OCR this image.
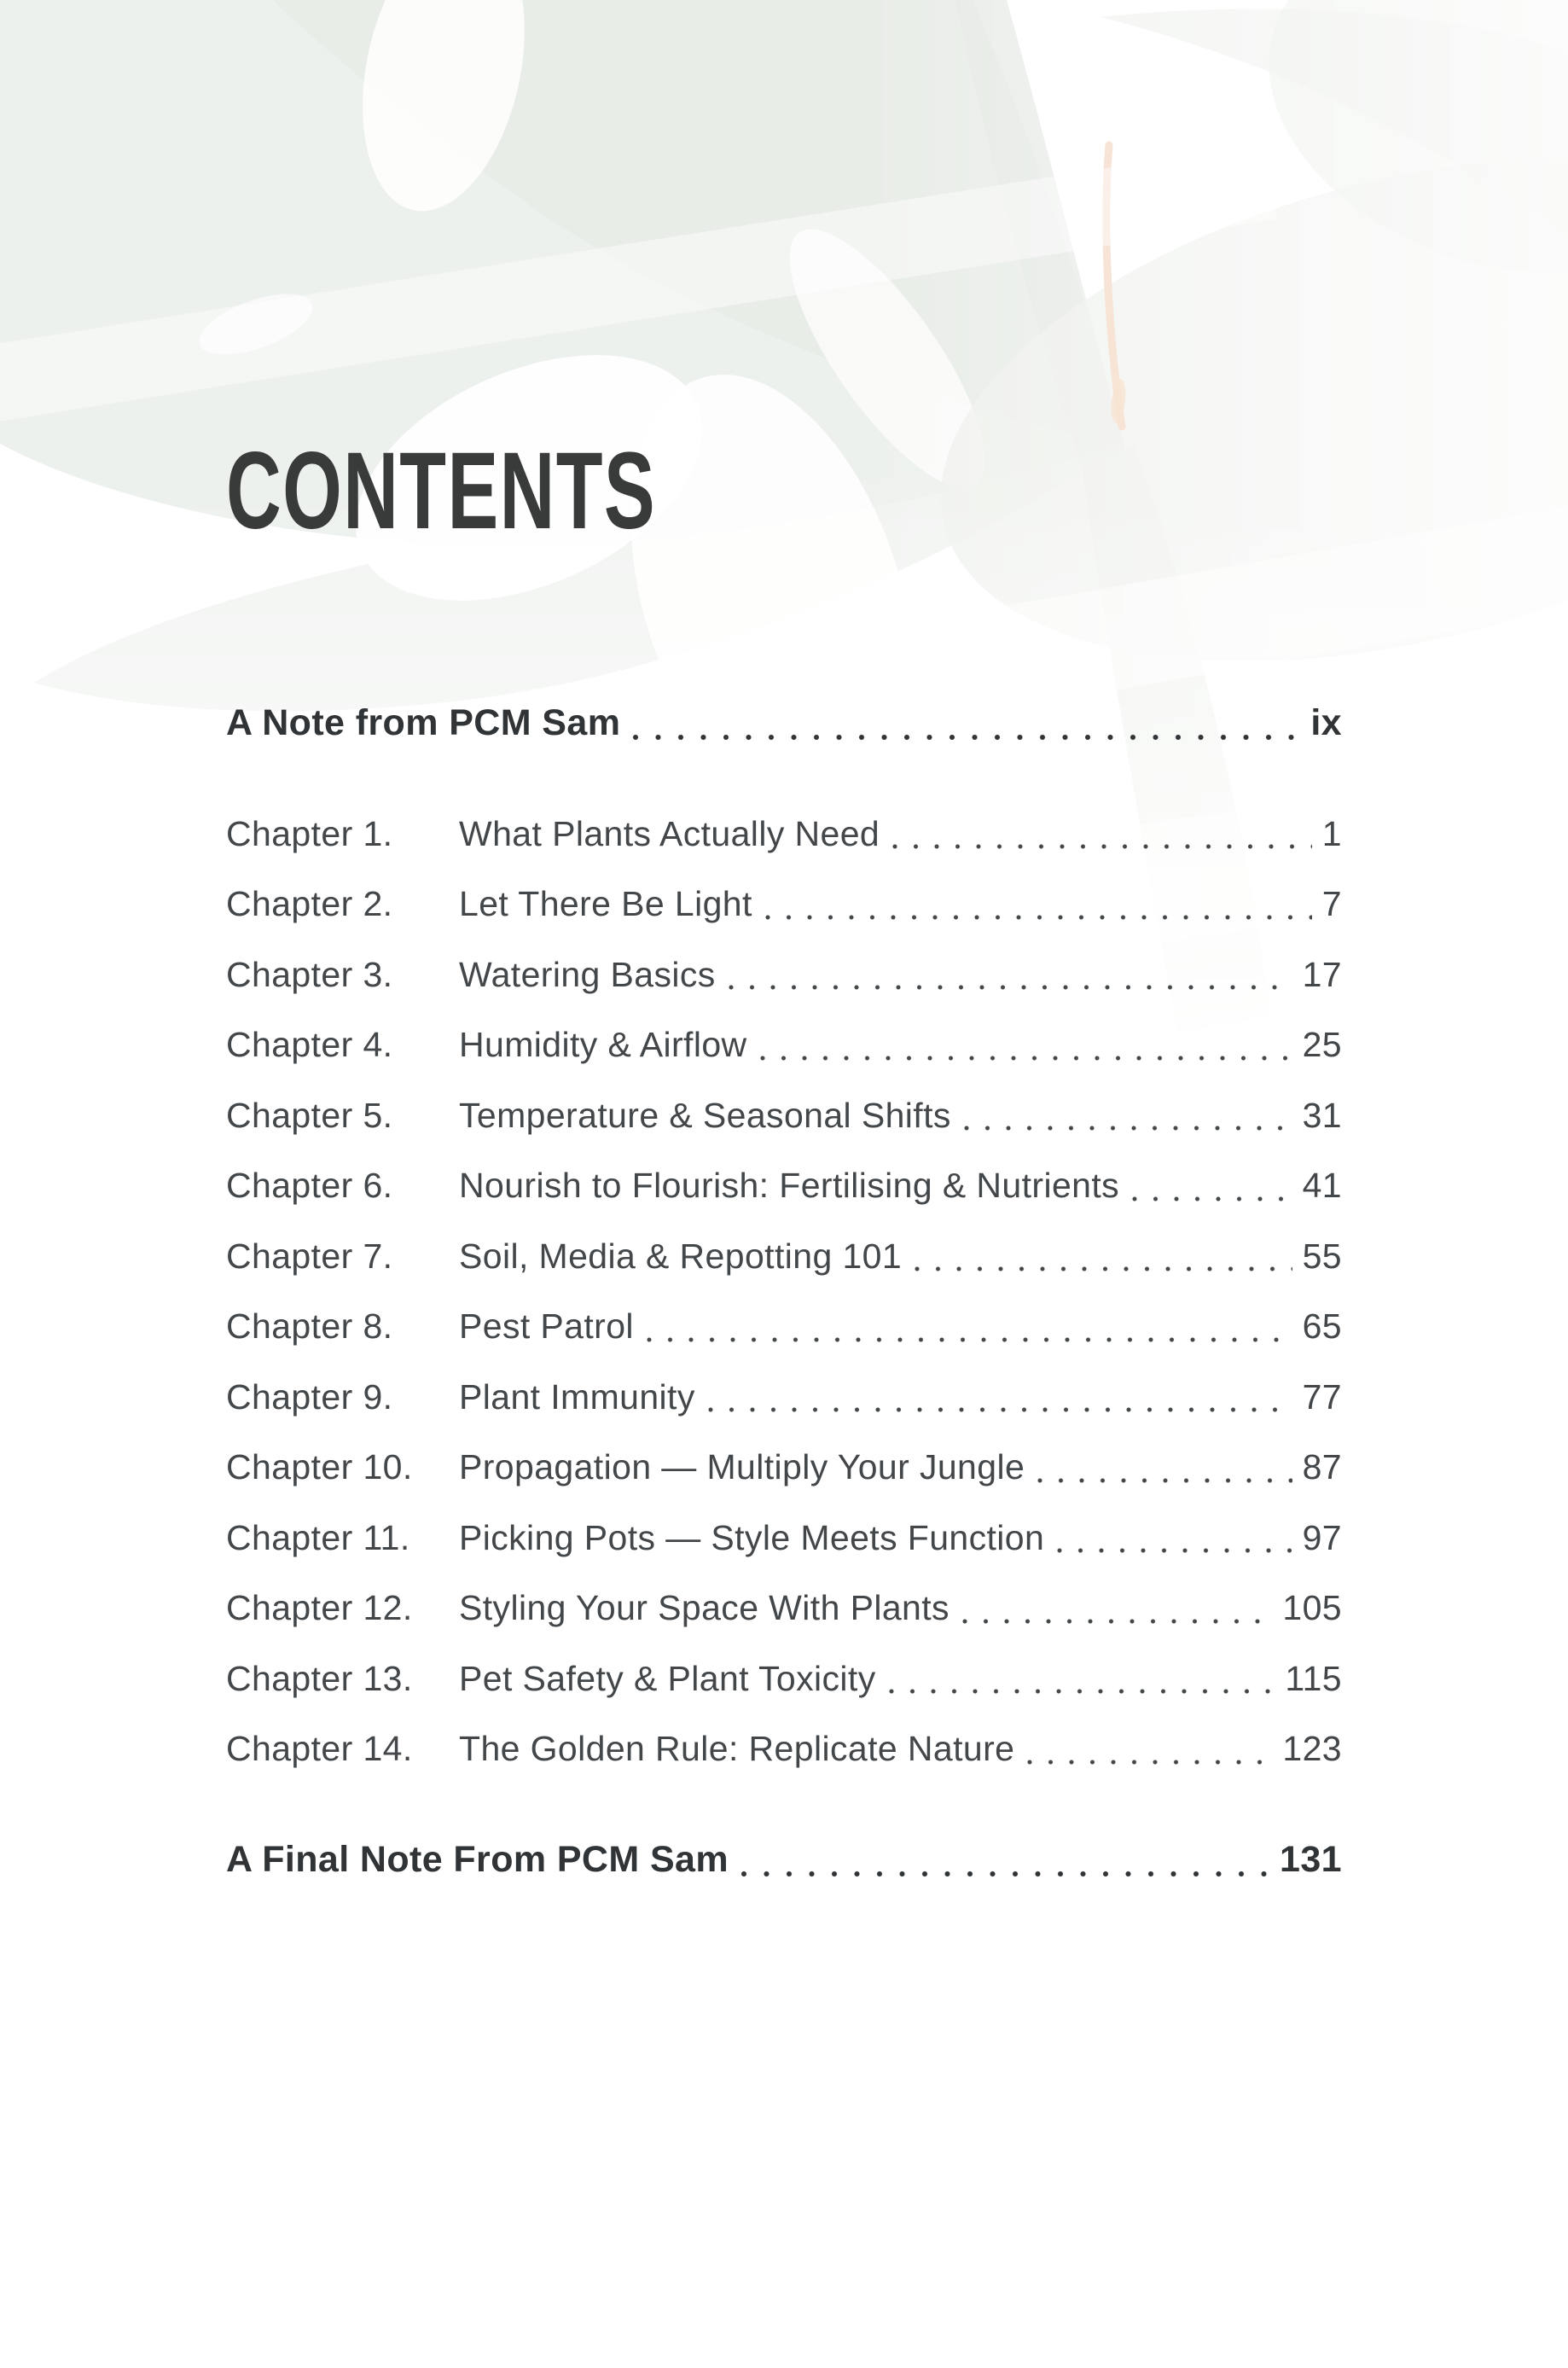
CONTENTS
A Note from PCM Sam	ix
Chapter 1.	What Plants Actually Need	1
Chapter 2.	Let There Be Light	7
Chapter 3.	Watering Basics	17
Chapter 4.	Humidity & Airflow	25
Chapter 5.	Temperature & Seasonal Shifts	31
Chapter 6.	Nourish to Flourish: Fertilising & Nutrients	41
Chapter 7.	Soil, Media & Repotting 101	55
Chapter 8.	Pest Patrol	65
Chapter 9.	Plant Immunity	77
Chapter 10.	Propagation — Multiply Your Jungle	87
Chapter 11.	Picking Pots — Style Meets Function	97
Chapter 12.	Styling Your Space With Plants	105
Chapter 13.	Pet Safety & Plant Toxicity	115
Chapter 14.	The Golden Rule: Replicate Nature	123
A Final Note From PCM Sam	131
